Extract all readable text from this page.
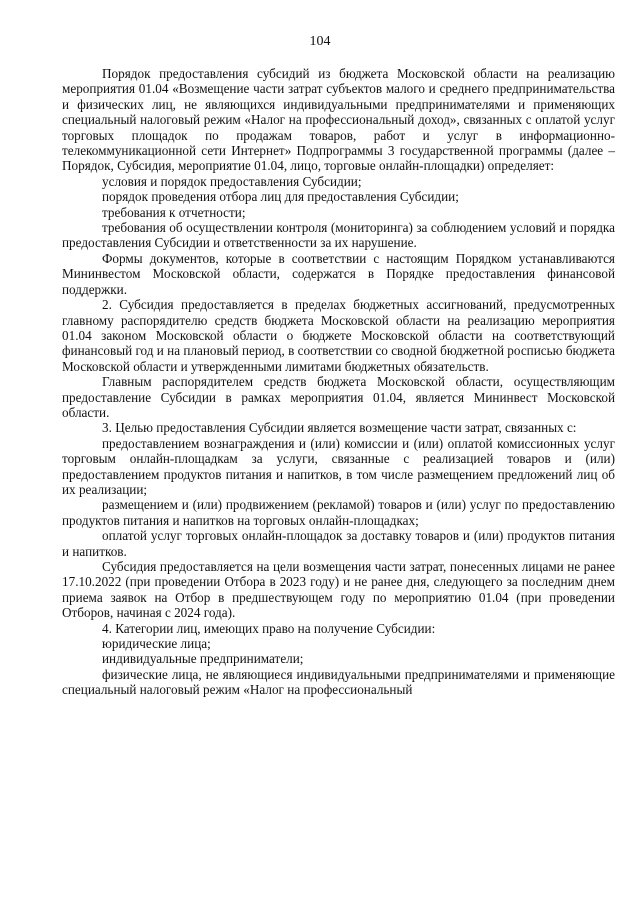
104

Порядок предоставления субсидий из бюджета Московской области на реализацию мероприятия 01.04 «Возмещение части затрат субъектов малого и среднего предпринимательства и физических лиц, не являющихся индивидуальными предпринимателями и применяющих специальный налоговый режим «Налог на профессиональный доход», связанных с оплатой услуг торговых площадок по продажам товаров, работ и услуг в информационно-телекоммуникационной сети Интернет» Подпрограммы 3 государственной программы (далее – Порядок, Субсидия, мероприятие 01.04, лицо, торговые онлайн-площадки) определяет:

условия и порядок предоставления Субсидии;

порядок проведения отбора лиц для предоставления Субсидии;

требования к отчетности;

требования об осуществлении контроля (мониторинга) за соблюдением условий и порядка предоставления Субсидии и ответственности за их нарушение.

Формы документов, которые в соответствии с настоящим Порядком устанавливаются Мининвестом Московской области, содержатся в Порядке предоставления финансовой поддержки.

2. Субсидия предоставляется в пределах бюджетных ассигнований, предусмотренных главному распорядителю средств бюджета Московской области на реализацию мероприятия 01.04 законом Московской области о бюджете Московской области на соответствующий финансовый год и на плановый период, в соответствии со сводной бюджетной росписью бюджета Московской области и утвержденными лимитами бюджетных обязательств.

Главным распорядителем средств бюджета Московской области, осуществляющим предоставление Субсидии в рамках мероприятия 01.04, является Мининвест Московской области.

3. Целью предоставления Субсидии является возмещение части затрат, связанных с:

предоставлением вознаграждения и (или) комиссии и (или) оплатой комиссионных услуг торговым онлайн-площадкам за услуги, связанные с реализацией товаров и (или) предоставлением продуктов питания и напитков, в том числе размещением предложений лиц об их реализации;

размещением и (или) продвижением (рекламой) товаров и (или) услуг по предоставлению продуктов питания и напитков на торговых онлайн-площадках;

оплатой услуг торговых онлайн-площадок за доставку товаров и (или) продуктов питания и напитков.

Субсидия предоставляется на цели возмещения части затрат, понесенных лицами не ранее 17.10.2022 (при проведении Отбора в 2023 году) и не ранее дня, следующего за последним днем приема заявок на Отбор в предшествующем году по мероприятию 01.04 (при проведении Отборов, начиная с 2024 года).

4. Категории лиц, имеющих право на получение Субсидии:

юридические лица;

индивидуальные предприниматели;

физические лица, не являющиеся индивидуальными предпринимателями и применяющие специальный налоговый режим «Налог на профессиональный
